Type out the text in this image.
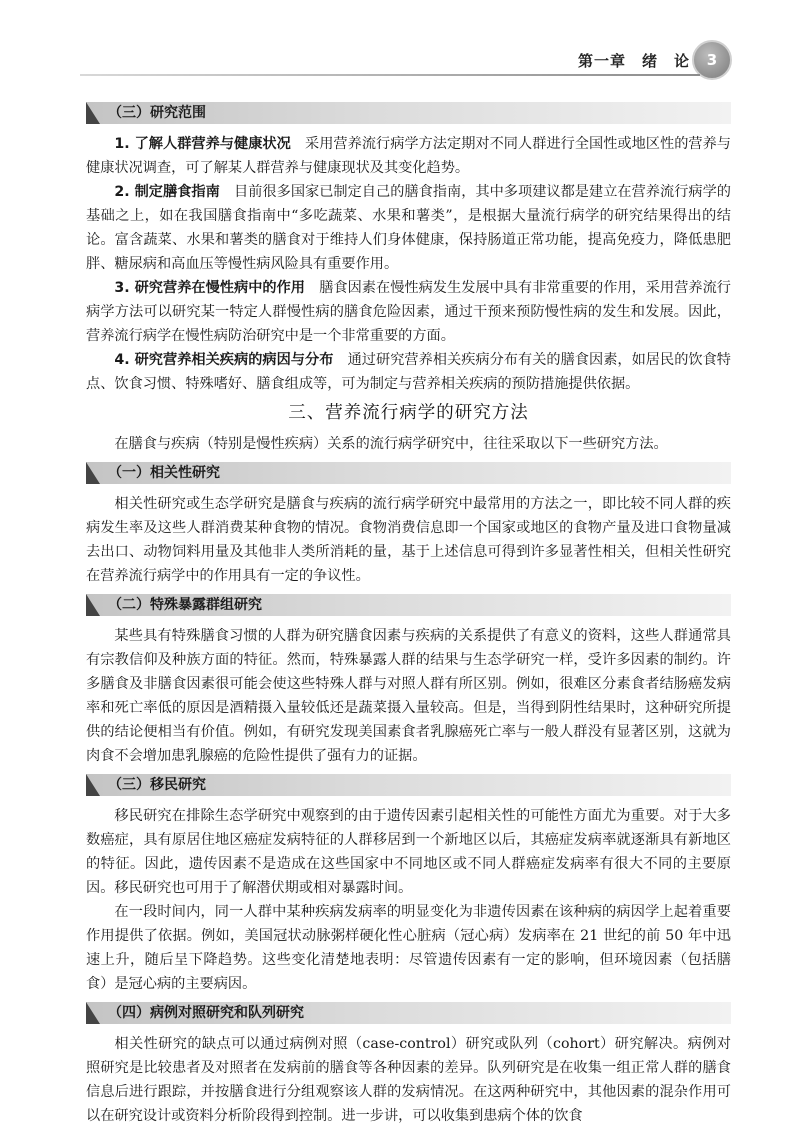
第一章　绪　论	3
（三）研究范围

1. 了解人群营养与健康状况　 采用营养流行病学方法定期对不同人群进行全国性或地区性的营养与健康状况调查，可了解某人群营养与健康现状及其变化趋势。

2. 制定膳食指南　 目前很多国家已制定自己的膳食指南，其中多项建议都是建立在营养流行病学的基础之上，如在我国膳食指南中“多吃蔬菜、水果和薯类”，是根据大量流行病学的研究结果得出的结论。富含蔬菜、水果和薯类的膳食对于维持人们身体健康，保持肠道正常功能，提高免疫力，降低患肥胖、糖尿病和高血压等慢性病风险具有重要作用。

3. 研究营养在慢性病中的作用　 膳食因素在慢性病发生发展中具有非常重要的作用，采用营养流行病学方法可以研究某一特定人群慢性病的膳食危险因素，通过干预来预防慢性病的发生和发展。因此，营养流行病学在慢性病防治研究中是一个非常重要的方面。

4. 研究营养相关疾病的病因与分布　 通过研究营养相关疾病分布有关的膳食因素，如居民的饮食特点、饮食习惯、特殊嗜好、膳食组成等，可为制定与营养相关疾病的预防措施提供依据。

三、营养流行病学的研究方法

在膳食与疾病（特别是慢性疾病）关系的流行病学研究中，往往采取以下一些研究方法。

（一）相关性研究

相关性研究或生态学研究是膳食与疾病的流行病学研究中最常用的方法之一，即比较不同人群的疾病发生率及这些人群消费某种食物的情况。食物消费信息即一个国家或地区的食物产量及进口食物量减去出口、动物饲料用量及其他非人类所消耗的量，基于上述信息可得到许多显著性相关，但相关性研究在营养流行病学中的作用具有一定的争议性。

（二）特殊暴露群组研究

某些具有特殊膳食习惯的人群为研究膳食因素与疾病的关系提供了有意义的资料，这些人群通常具有宗教信仰及种族方面的特征。然而，特殊暴露人群的结果与生态学研究一样，受许多因素的制约。许多膳食及非膳食因素很可能会使这些特殊人群与对照人群有所区别。例如，很难区分素食者结肠癌发病率和死亡率低的原因是酒精摄入量较低还是蔬菜摄入量较高。但是，当得到阴性结果时，这种研究所提供的结论便相当有价值。例如，有研究发现美国素食者乳腺癌死亡率与一般人群没有显著区别，这就为肉食不会增加患乳腺癌的危险性提供了强有力的证据。

（三）移民研究

移民研究在排除生态学研究中观察到的由于遗传因素引起相关性的可能性方面尤为重要。对于大多数癌症，具有原居住地区癌症发病特征的人群移居到一个新地区以后，其癌症发病率就逐渐具有新地区的特征。因此，遗传因素不是造成在这些国家中不同地区或不同人群癌症发病率有很大不同的主要原因。移民研究也可用于了解潜伏期或相对暴露时间。

在一段时间内，同一人群中某种疾病发病率的明显变化为非遗传因素在该种病的病因学上起着重要作用提供了依据。例如，美国冠状动脉粥样硬化性心脏病（冠心病）发病率在 21 世纪的前 50 年中迅速上升，随后呈下降趋势。这些变化清楚地表明：尽管遗传因素有一定的影响，但环境因素（包括膳食）是冠心病的主要病因。

（四）病例对照研究和队列研究

相关性研究的缺点可以通过病例对照（case-control）研究或队列（cohort）研究解决。病例对照研究是比较患者及对照者在发病前的膳食等各种因素的差异。队列研究是在收集一组正常人群的膳食信息后进行跟踪，并按膳食进行分组观察该人群的发病情况。在这两种研究中，其他因素的混杂作用可以在研究设计或资料分析阶段得到控制。进一步讲，可以收集到患病个体的饮食
